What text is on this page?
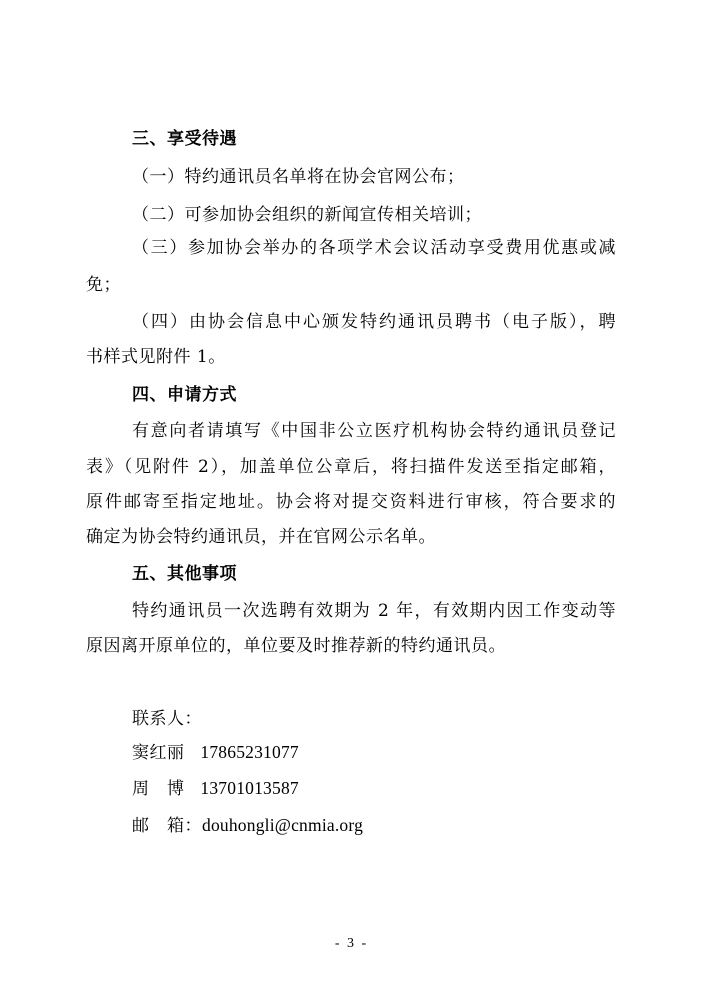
三、享受待遇
（一）特约通讯员名单将在协会官网公布；
（二）可参加协会组织的新闻宣传相关培训；
（三）参加协会举办的各项学术会议活动享受费用优惠或减
免；
（四）由协会信息中心颁发特约通讯员聘书（电子版），聘
书样式见附件 1。
四、申请方式
有意向者请填写《中国非公立医疗机构协会特约通讯员登记
表》（见附件 2），加盖单位公章后，将扫描件发送至指定邮箱，
原件邮寄至指定地址。协会将对提交资料进行审核，符合要求的
确定为协会特约通讯员，并在官网公示名单。
五、其他事项
特约通讯员一次选聘有效期为 2 年，有效期内因工作变动等
原因离开原单位的，单位要及时推荐新的特约通讯员。
联系人：
窦红丽 17865231077
周　博 13701013587
邮　箱：douhongli@cnmia.org
- 3 -
